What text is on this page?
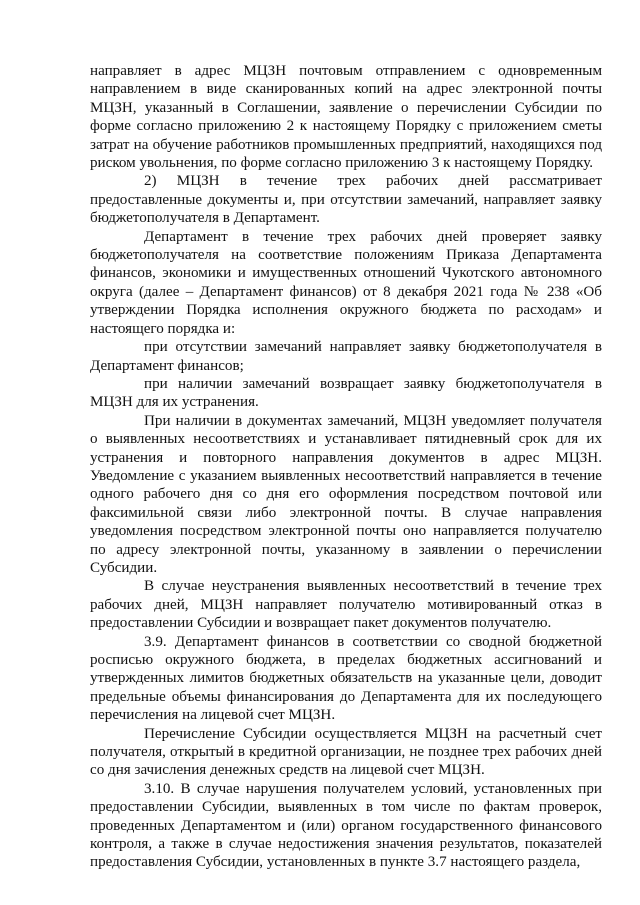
направляет в адрес МЦЗН почтовым отправлением с одновременным направлением в виде сканированных копий на адрес электронной почты МЦЗН, указанный в Соглашении, заявление о перечислении Субсидии по форме согласно приложению 2 к настоящему Порядку с приложением сметы затрат на обучение работников промышленных предприятий, находящихся под риском увольнения, по форме согласно приложению 3 к настоящему Порядку.

2) МЦЗН в течение трех рабочих дней рассматривает предоставленные документы и, при отсутствии замечаний, направляет заявку бюджетополучателя в Департамент.

Департамент в течение трех рабочих дней проверяет заявку бюджетополучателя на соответствие положениям Приказа Департамента финансов, экономики и имущественных отношений Чукотского автономного округа (далее – Департамент финансов) от 8 декабря 2021 года № 238 «Об утверждении Порядка исполнения окружного бюджета по расходам» и настоящего порядка и:

при отсутствии замечаний направляет заявку бюджетополучателя в Департамент финансов;

при наличии замечаний возвращает заявку бюджетополучателя в МЦЗН для их устранения.

При наличии в документах замечаний, МЦЗН уведомляет получателя о выявленных несоответствиях и устанавливает пятидневный срок для их устранения и повторного направления документов в адрес МЦЗН. Уведомление с указанием выявленных несоответствий направляется в течение одного рабочего дня со дня его оформления посредством почтовой или факсимильной связи либо электронной почты. В случае направления уведомления посредством электронной почты оно направляется получателю по адресу электронной почты, указанному в заявлении о перечислении Субсидии.

В случае неустранения выявленных несоответствий в течение трех рабочих дней, МЦЗН направляет получателю мотивированный отказ в предоставлении Субсидии и возвращает пакет документов получателю.

3.9. Департамент финансов в соответствии со сводной бюджетной росписью окружного бюджета, в пределах бюджетных ассигнований и утвержденных лимитов бюджетных обязательств на указанные цели, доводит предельные объемы финансирования до Департамента для их последующего перечисления на лицевой счет МЦЗН.

Перечисление Субсидии осуществляется МЦЗН на расчетный счет получателя, открытый в кредитной организации, не позднее трех рабочих дней со дня зачисления денежных средств на лицевой счет МЦЗН.

3.10. В случае нарушения получателем условий, установленных при предоставлении Субсидии, выявленных в том числе по фактам проверок, проведенных Департаментом и (или) органом государственного финансового контроля, а также в случае недостижения значения результатов, показателей предоставления Субсидии, установленных в пункте 3.7 настоящего раздела,
